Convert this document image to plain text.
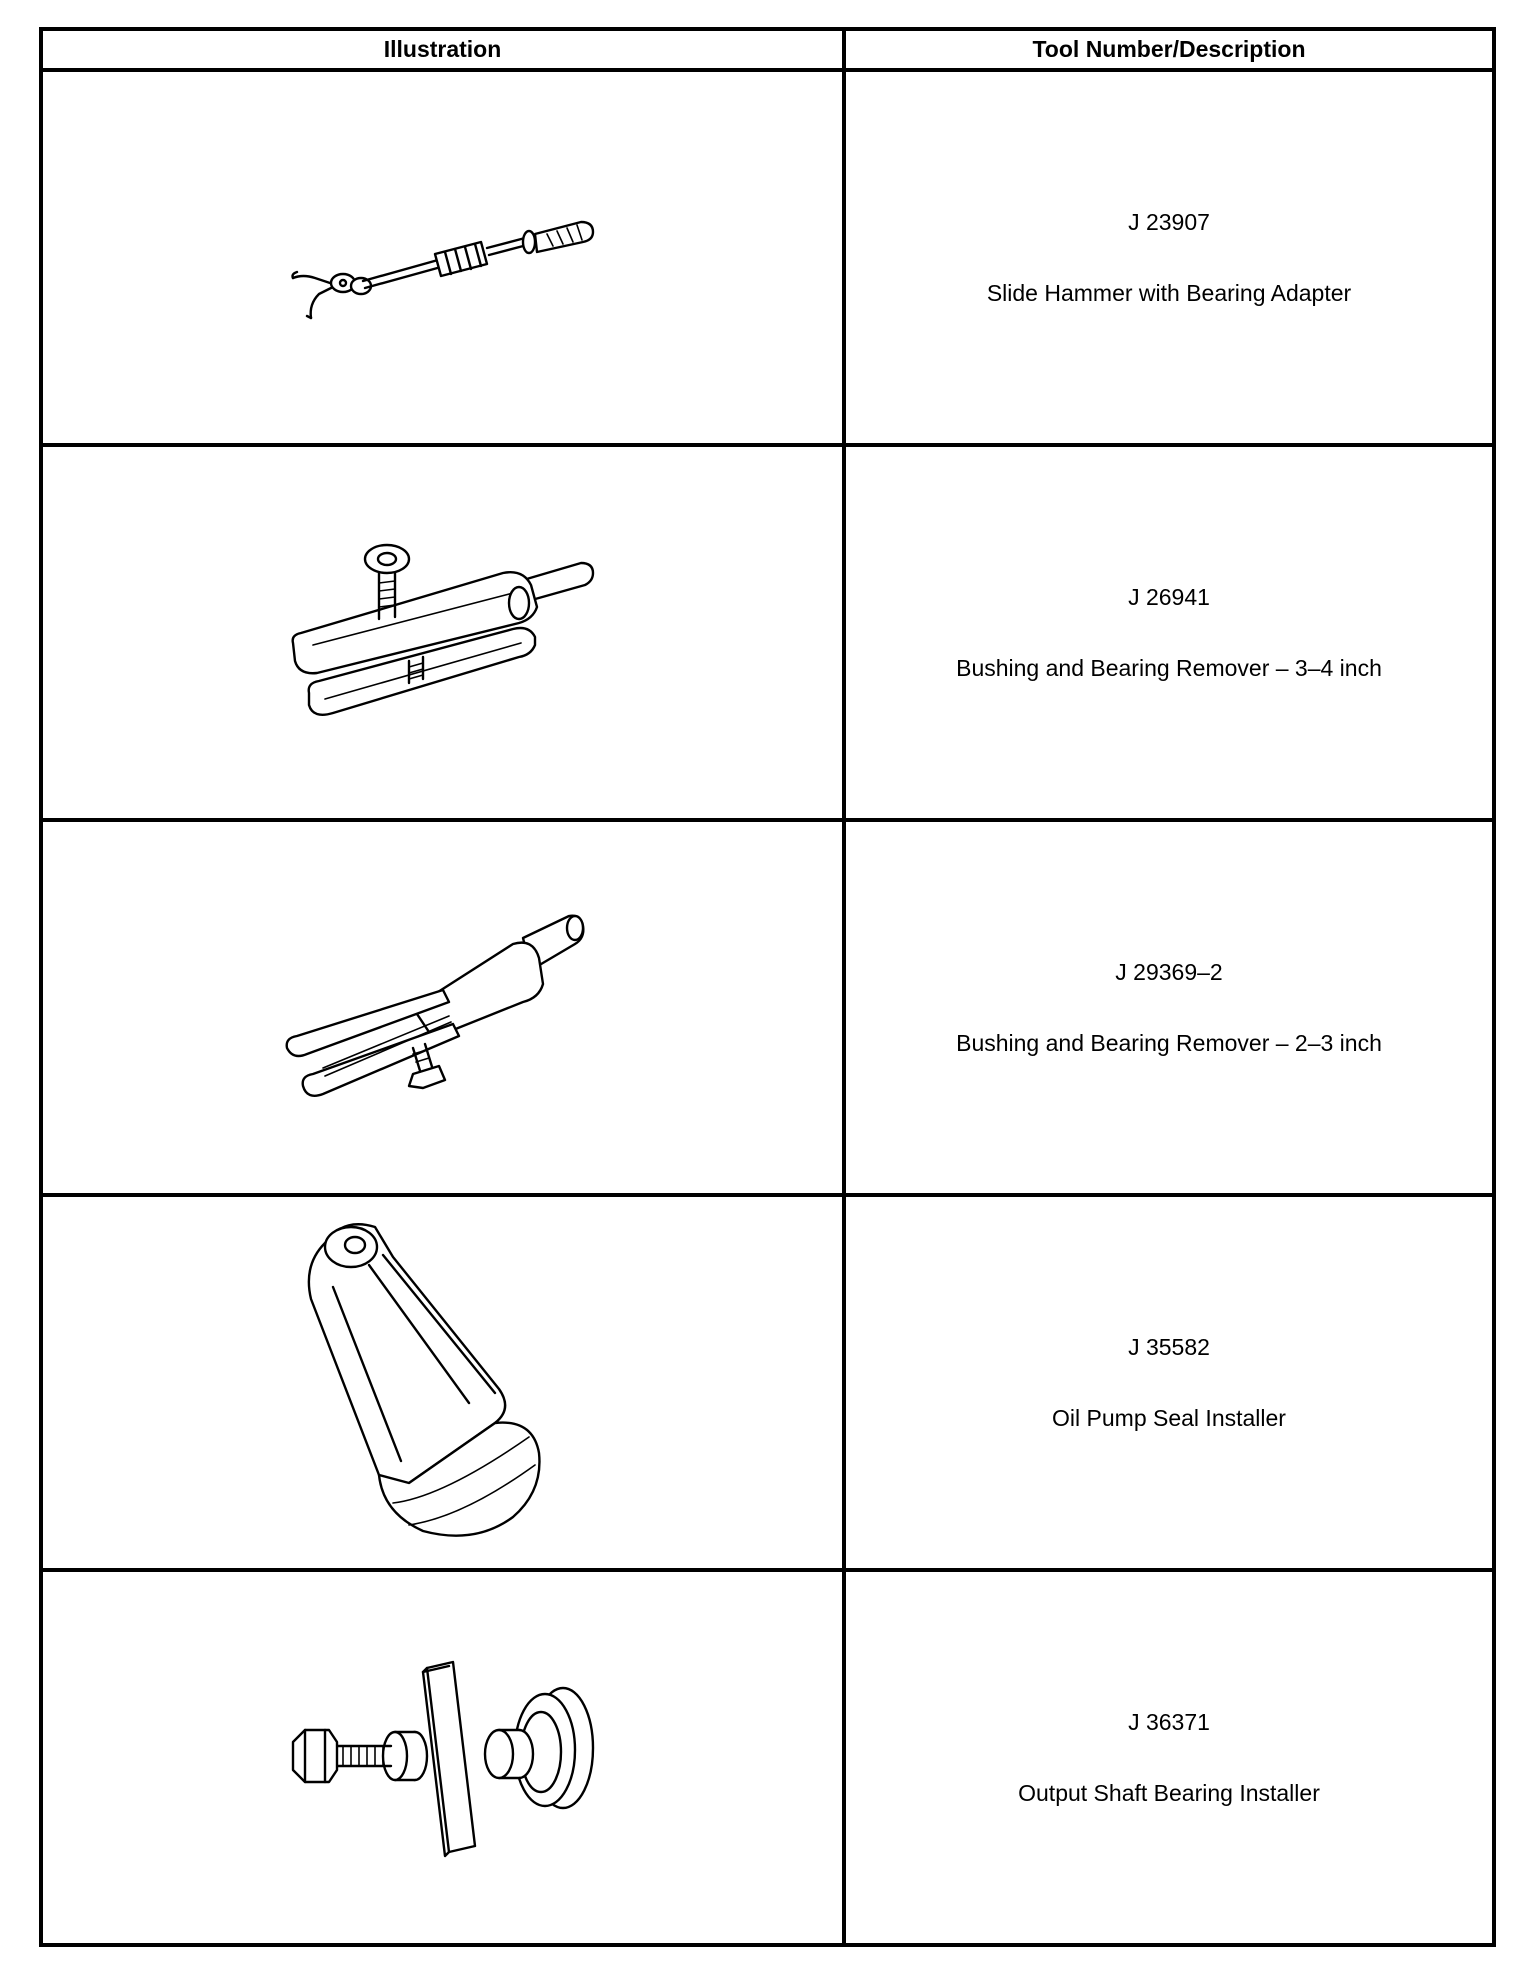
Illustration	Tool Number/Description

J 23907
Slide Hammer with Bearing Adapter

J 26941
Bushing and Bearing Remover – 3–4 inch

J 29369–2
Bushing and Bearing Remover – 2–3 inch

J 35582
Oil Pump Seal Installer

J 36371
Output Shaft Bearing Installer
